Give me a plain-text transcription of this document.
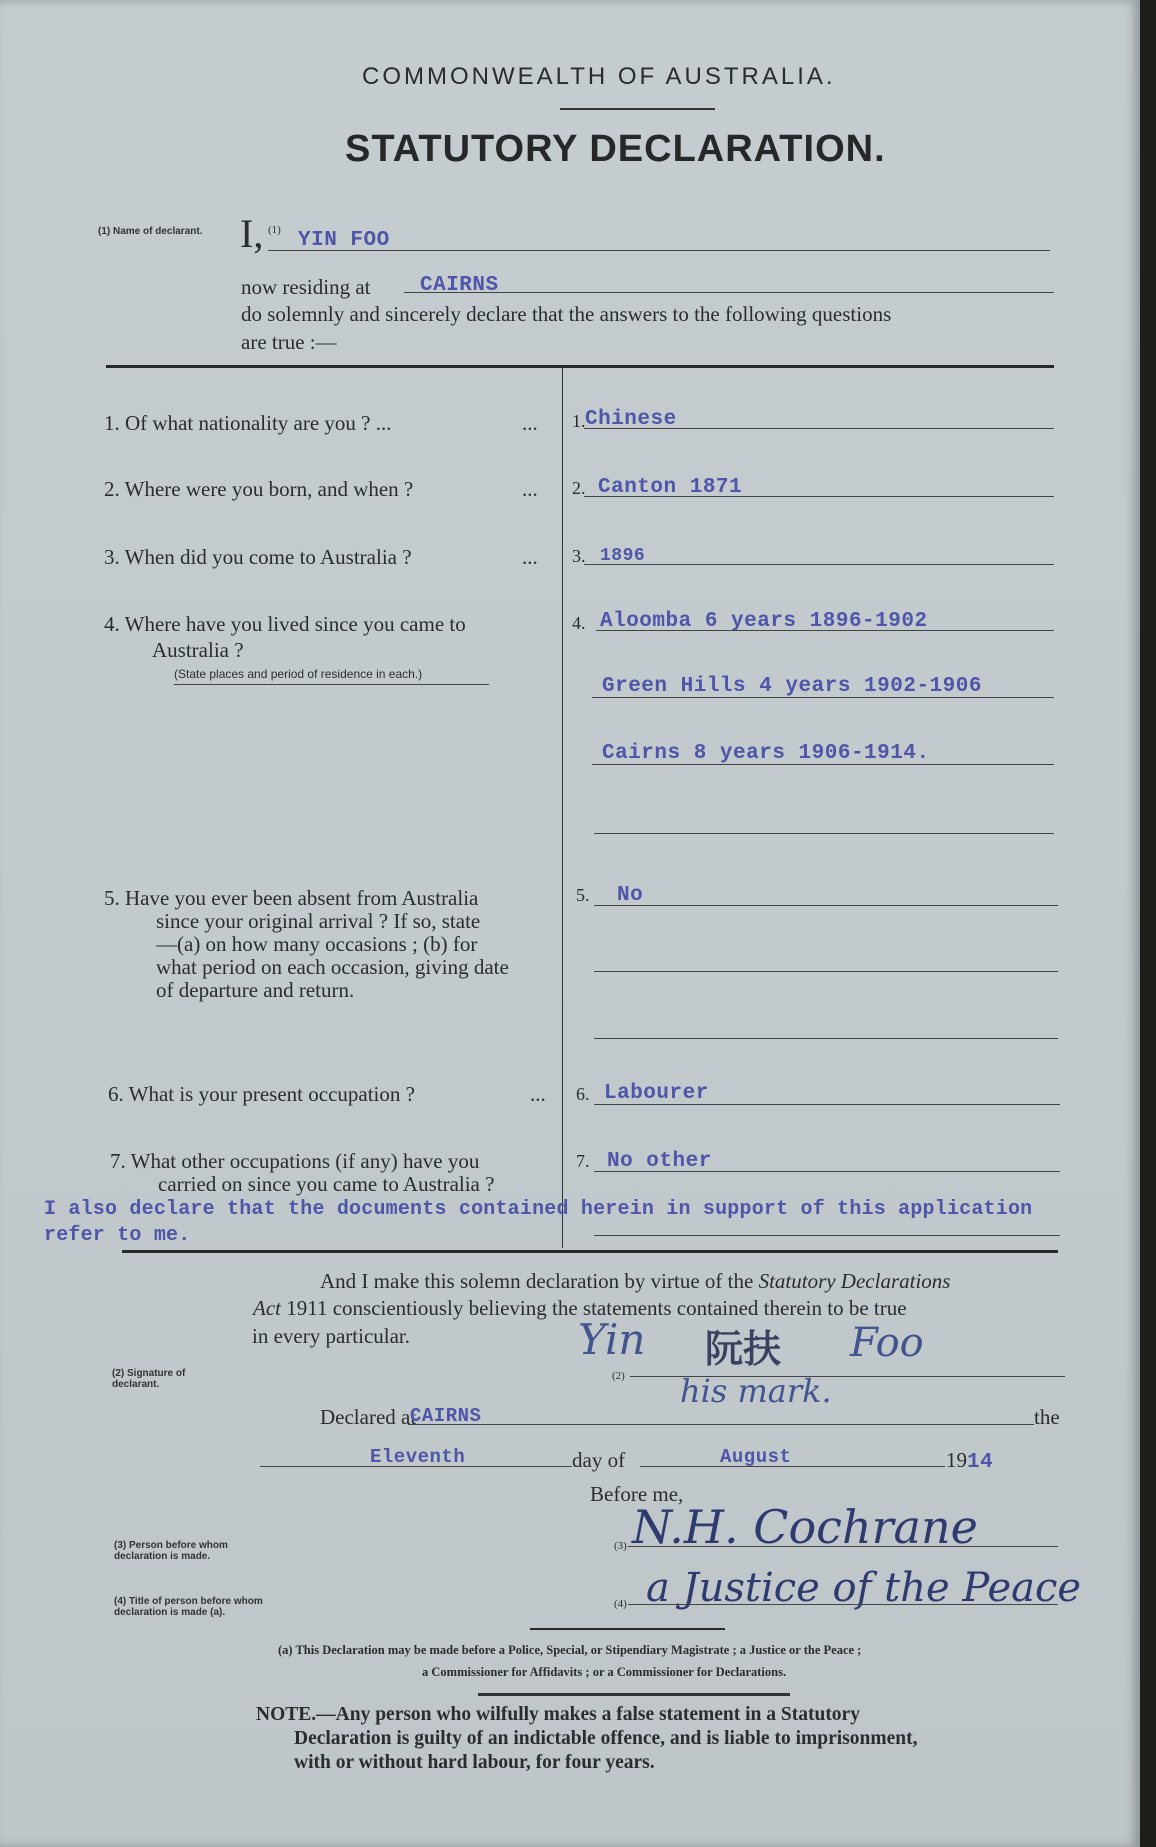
COMMONWEALTH OF AUSTRALIA.
STATUTORY DECLARATION.
(1) Name of declarant. I, (1) YIN FOO
now residing at CAIRNS
do solemnly and sincerely declare that the answers to the following questions
are true :—
1. Of what nationality are you ? ...	... 1. Chinese
2. Where were you born, and when ?	... 2. Canton 1871
3. When did you come to Australia ?	... 3. 1896
4. Where have you lived since you came to
Australia ?
(State places and period of residence in each.)
4. Aloomba 6 years 1896-1902
Green Hills 4 years 1902-1906
Cairns 8 years 1906-1914.
5. Have you ever been absent from Australia
since your original arrival ? If so, state
—(a) on how many occasions ; (b) for
what period on each occasion, giving date
of departure and return.
5. No
6. What is your present occupation ?	... 6. Labourer
7. What other occupations (if any) have you
carried on since you came to Australia ?
7. No other
I also declare that the documents contained herein in support of this application
refer to me.
And I make this solemn declaration by virtue of the Statutory Declarations
Act 1911 conscientiously believing the statements contained therein to be true
in every particular.
(2) Signature of declarant.
Yin 阮扶 Foo
(2) his mark.
Declared at
CAIRNS	the
Eleventh	day of	August	1914
Before me,
(3) Person before whom declaration is made.
(3) N.H. Cochrane
(4) Title of person before whom declaration is made (a).
(4) a Justice of the Peace
(a) This Declaration may be made before a Police, Special, or Stipendiary Magistrate ; a Justice or the Peace ;
a Commissioner for Affidavits ; or a Commissioner for Declarations.
NOTE.—Any person who wilfully makes a false statement in a Statutory
Declaration is guilty of an indictable offence, and is liable to imprisonment,
with or without hard labour, for four years.
